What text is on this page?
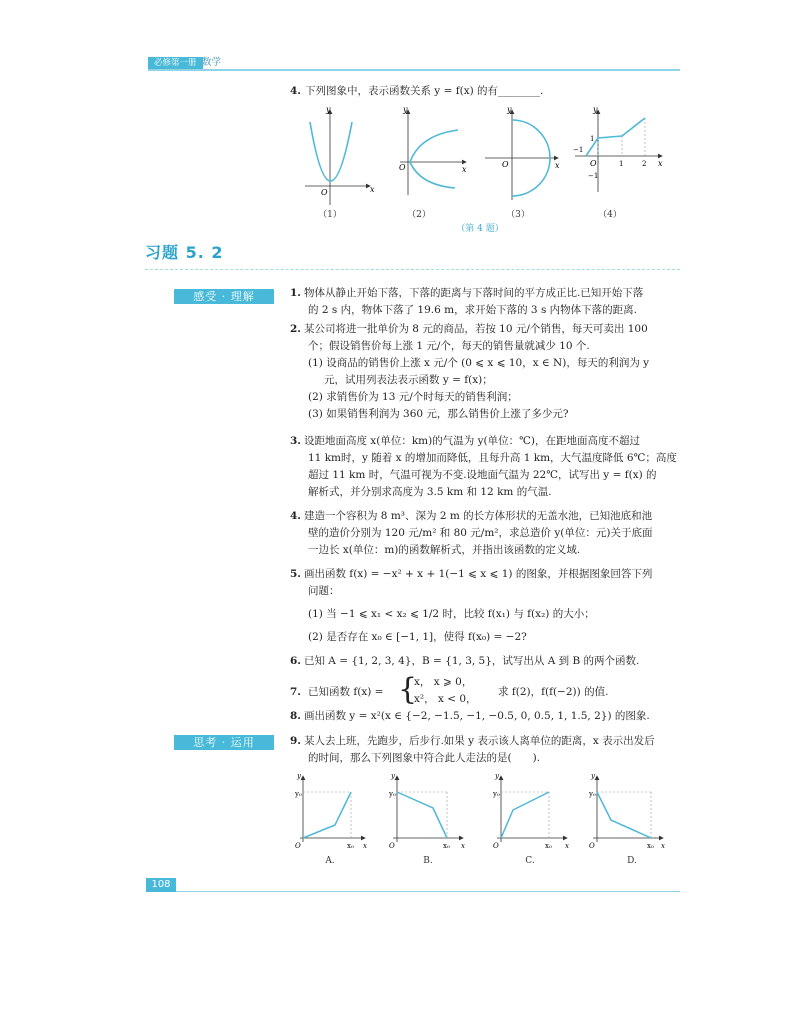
必修第一册 数学
4. 下列图象中，表示函数关系 y = f(x) 的有________.
y
x
O
y
x
O
y
x
O
y
x
−1
1
1	2
−1
O
（1）	（2）	（3）	（4）
（第 4 题）
习题 5. 2
感受 · 理解	1. 物体从静止开始下落，下落的距离与下落时间的平方成正比.已知开始下落
的 2 s 内，物体下落了 19.6 m，求开始下落的 3 s 内物体下落的距离.
2. 某公司将进一批单价为 8 元的商品，若按 10 元/个销售，每天可卖出 100
个；假设销售价每上涨 1 元/个，每天的销售量就减少 10 个.
(1) 设商品的销售价上涨 x 元/个 (0 ⩽ x ⩽ 10，x ∈ N)，每天的利润为 y
元，试用列表法表示函数 y = f(x)；
(2) 求销售价为 13 元/个时每天的销售利润；
(3) 如果销售利润为 360 元，那么销售价上涨了多少元?
3. 设距地面高度 x(单位：km)的气温为 y(单位：℃)，在距地面高度不超过
11 km时，y 随着 x 的增加而降低，且每升高 1 km，大气温度降低 6℃；高度
超过 11 km 时，气温可视为不变.设地面气温为 22℃，试写出 y = f(x) 的
解析式，并分别求高度为 3.5 km 和 12 km 的气温.
4. 建造一个容积为 8 m³、深为 2 m 的长方体形状的无盖水池，已知池底和池
壁的造价分别为 120 元/m² 和 80 元/m²，求总造价 y(单位：元)关于底面
一边长 x(单位：m)的函数解析式，并指出该函数的定义域.
5. 画出函数 f(x) = −x² + x + 1(−1 ⩽ x ⩽ 1) 的图象，并根据图象回答下列
问题：
(1) 当 −1 ⩽ x₁ < x₂ ⩽ 1/2 时，比较 f(x₁) 与 f(x₂) 的大小；
(2) 是否存在 x₀ ∈ [−1, 1]，使得 f(x₀) = −2?
6. 已知 A = {1, 2, 3, 4}，B = {1, 3, 5}，试写出从 A 到 B 的两个函数.
7. 已知函数 f(x) = {
x， x ⩾ 0，
x²， x < 0，
求 f(2)，f(f(−2)) 的值.
8. 画出函数 y = x²(x ∈ {−2, −1.5, −1, −0.5, 0, 0.5, 1, 1.5, 2}) 的图象.
思考 · 运用	9. 某人去上班，先跑步，后步行.如果 y 表示该人离单位的距离，x 表示出发后
的时间，那么下列图象中符合此人走法的是(　　).
y₀
x₀
y
x
O
y₀
x₀
y
x
O
y₀
x₀
y
x
O
y₀
x₀
y
x
O
A.	B.	C.	D.
108
